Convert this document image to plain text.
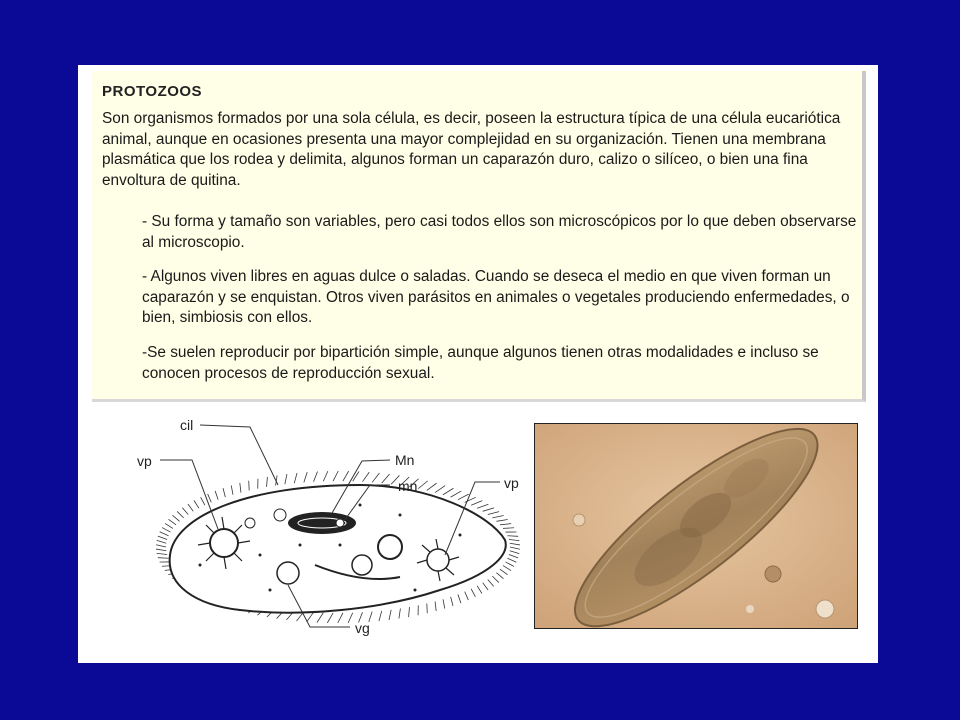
PROTOZOOS
Son organismos formados por una sola célula, es decir, poseen la estructura típica de una célula eucariótica animal, aunque en ocasiones presenta una mayor complejidad en su organización. Tienen una membrana plasmática que los rodea y delimita, algunos forman un caparazón duro, calizo o silíceo, o bien una fina envoltura de quitina.
- Su forma y tamaño son variables, pero casi todos ellos son microscópicos por lo que deben observarse al microscopio.
- Algunos viven libres en aguas dulce o saladas. Cuando se deseca el medio en que viven forman un caparazón y se enquistan. Otros viven parásitos en animales o vegetales produciendo enfermedades, o bien, simbiosis con ellos.
-Se suelen reproducir por bipartición simple, aunque algunos tienen otras modalidades e incluso se conocen procesos de reproducción sexual.
cil
vp	Mn
mn	vp
vg
